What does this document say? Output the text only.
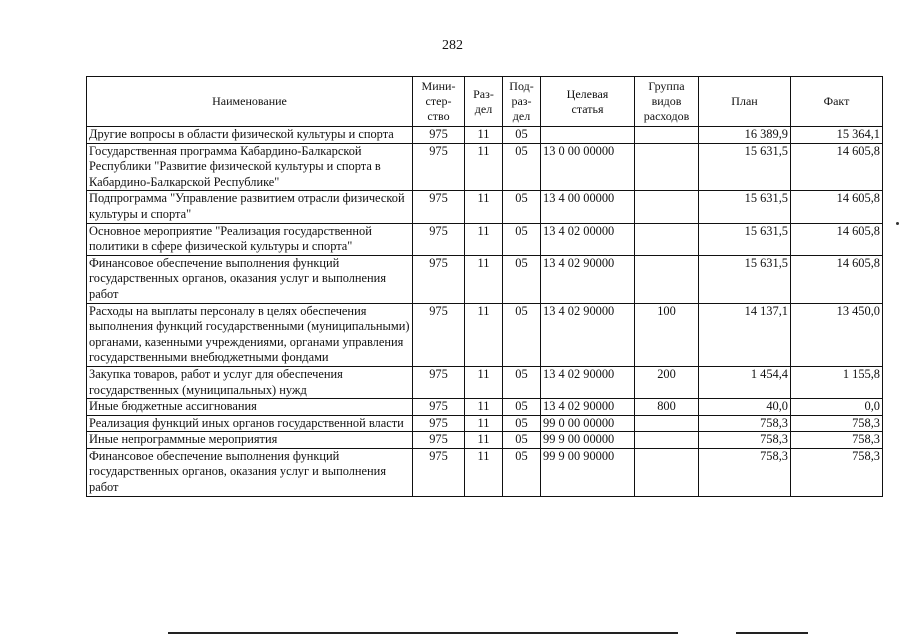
282
Наименование	Мини-
стер-
ство	Раз-
дел	Под-
раз-
дел	Целевая
статья	Группа
видов
расходов	План	Факт
Другие вопросы в области физической культуры и спорта	975	11	05			16 389,9	15 364,1
Государственная программа Кабардино-Балкарской Республики "Развитие физической культуры и спорта в Кабардино-Балкарской Республике"	975	11	05	13 0 00 00000		15 631,5	14 605,8
Подпрограмма "Управление развитием отрасли физической культуры и спорта"	975	11	05	13 4 00 00000		15 631,5	14 605,8
Основное мероприятие "Реализация государственной политики в сфере физической культуры и спорта"	975	11	05	13 4 02 00000		15 631,5	14 605,8
Финансовое обеспечение выполнения функций государственных органов, оказания услуг и выполнения работ	975	11	05	13 4 02 90000		15 631,5	14 605,8
Расходы на выплаты персоналу в целях обеспечения выполнения функций государственными (муниципальными) органами, казенными учреждениями, органами управления государственными внебюджетными фондами	975	11	05	13 4 02 90000	100	14 137,1	13 450,0
Закупка товаров, работ и услуг для обеспечения государственных (муниципальных) нужд	975	11	05	13 4 02 90000	200	1 454,4	1 155,8
Иные бюджетные ассигнования	975	11	05	13 4 02 90000	800	40,0	0,0
Реализация функций иных органов государственной власти	975	11	05	99 0 00 00000		758,3	758,3
Иные непрограммные мероприятия	975	11	05	99 9 00 00000		758,3	758,3
Финансовое обеспечение выполнения функций государственных органов, оказания услуг и выполнения работ	975	11	05	99 9 00 90000		758,3	758,3
